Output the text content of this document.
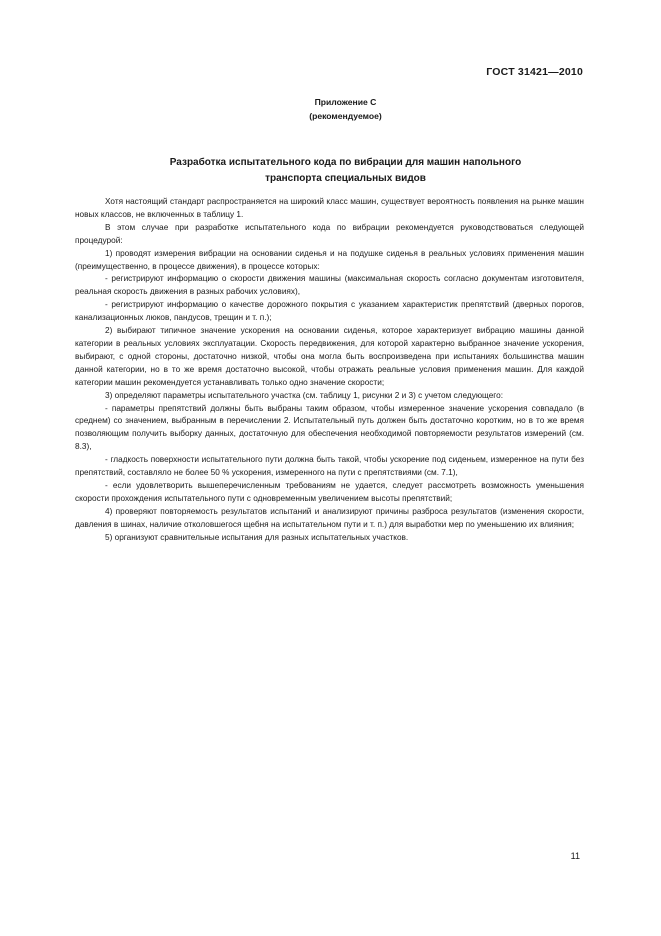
ГОСТ 31421—2010
Приложение С
(рекомендуемое)
Разработка испытательного кода по вибрации для машин напольного
транспорта специальных видов

Хотя настоящий стандарт распространяется на широкий класс машин, существует вероятность появления на рынке машин новых классов, не включенных в таблицу 1.

В этом случае при разработке испытательного кода по вибрации рекомендуется руководствоваться следующей процедурой:

1) проводят измерения вибрации на основании сиденья и на подушке сиденья в реальных условиях применения машин (преимущественно, в процессе движения), в процессе которых:

- регистрируют информацию о скорости движения машины (максимальная скорость согласно документам изготовителя, реальная скорость движения в разных рабочих условиях),

- регистрируют информацию о качестве дорожного покрытия с указанием характеристик препятствий (дверных порогов, канализационных люков, пандусов, трещин и т. п.);

2) выбирают типичное значение ускорения на основании сиденья, которое характеризует вибрацию машины данной категории в реальных условиях эксплуатации. Скорость передвижения, для которой характерно выбранное значение ускорения, выбирают, с одной стороны, достаточно низкой, чтобы она могла быть воспроизведена при испытаниях большинства машин данной категории, но в то же время достаточно высокой, чтобы отражать реальные условия применения машин. Для каждой категории машин рекомендуется устанавливать только одно значение скорости;

3) определяют параметры испытательного участка (см. таблицу 1, рисунки 2 и 3) с учетом следующего:

- параметры препятствий должны быть выбраны таким образом, чтобы измеренное значение ускорения совпадало (в среднем) со значением, выбранным в перечислении 2. Испытательный путь должен быть достаточно коротким, но в то же время позволяющим получить выборку данных, достаточную для обеспечения необходимой повторяемости результатов измерений (см. 8.3),

- гладкость поверхности испытательного пути должна быть такой, чтобы ускорение под сиденьем, измеренное на пути без препятствий, составляло не более 50 % ускорения, измеренного на пути с препятствиями (см. 7.1),

- если удовлетворить вышеперечисленным требованиям не удается, следует рассмотреть возможность уменьшения скорости прохождения испытательного пути с одновременным увеличением высоты препятствий;

4) проверяют повторяемость результатов испытаний и анализируют причины разброса результатов (изменения скорости, давления в шинах, наличие отколовшегося щебня на испытательном пути и т. п.) для выработки мер по уменьшению их влияния;

5) организуют сравнительные испытания для разных испытательных участков.

11
